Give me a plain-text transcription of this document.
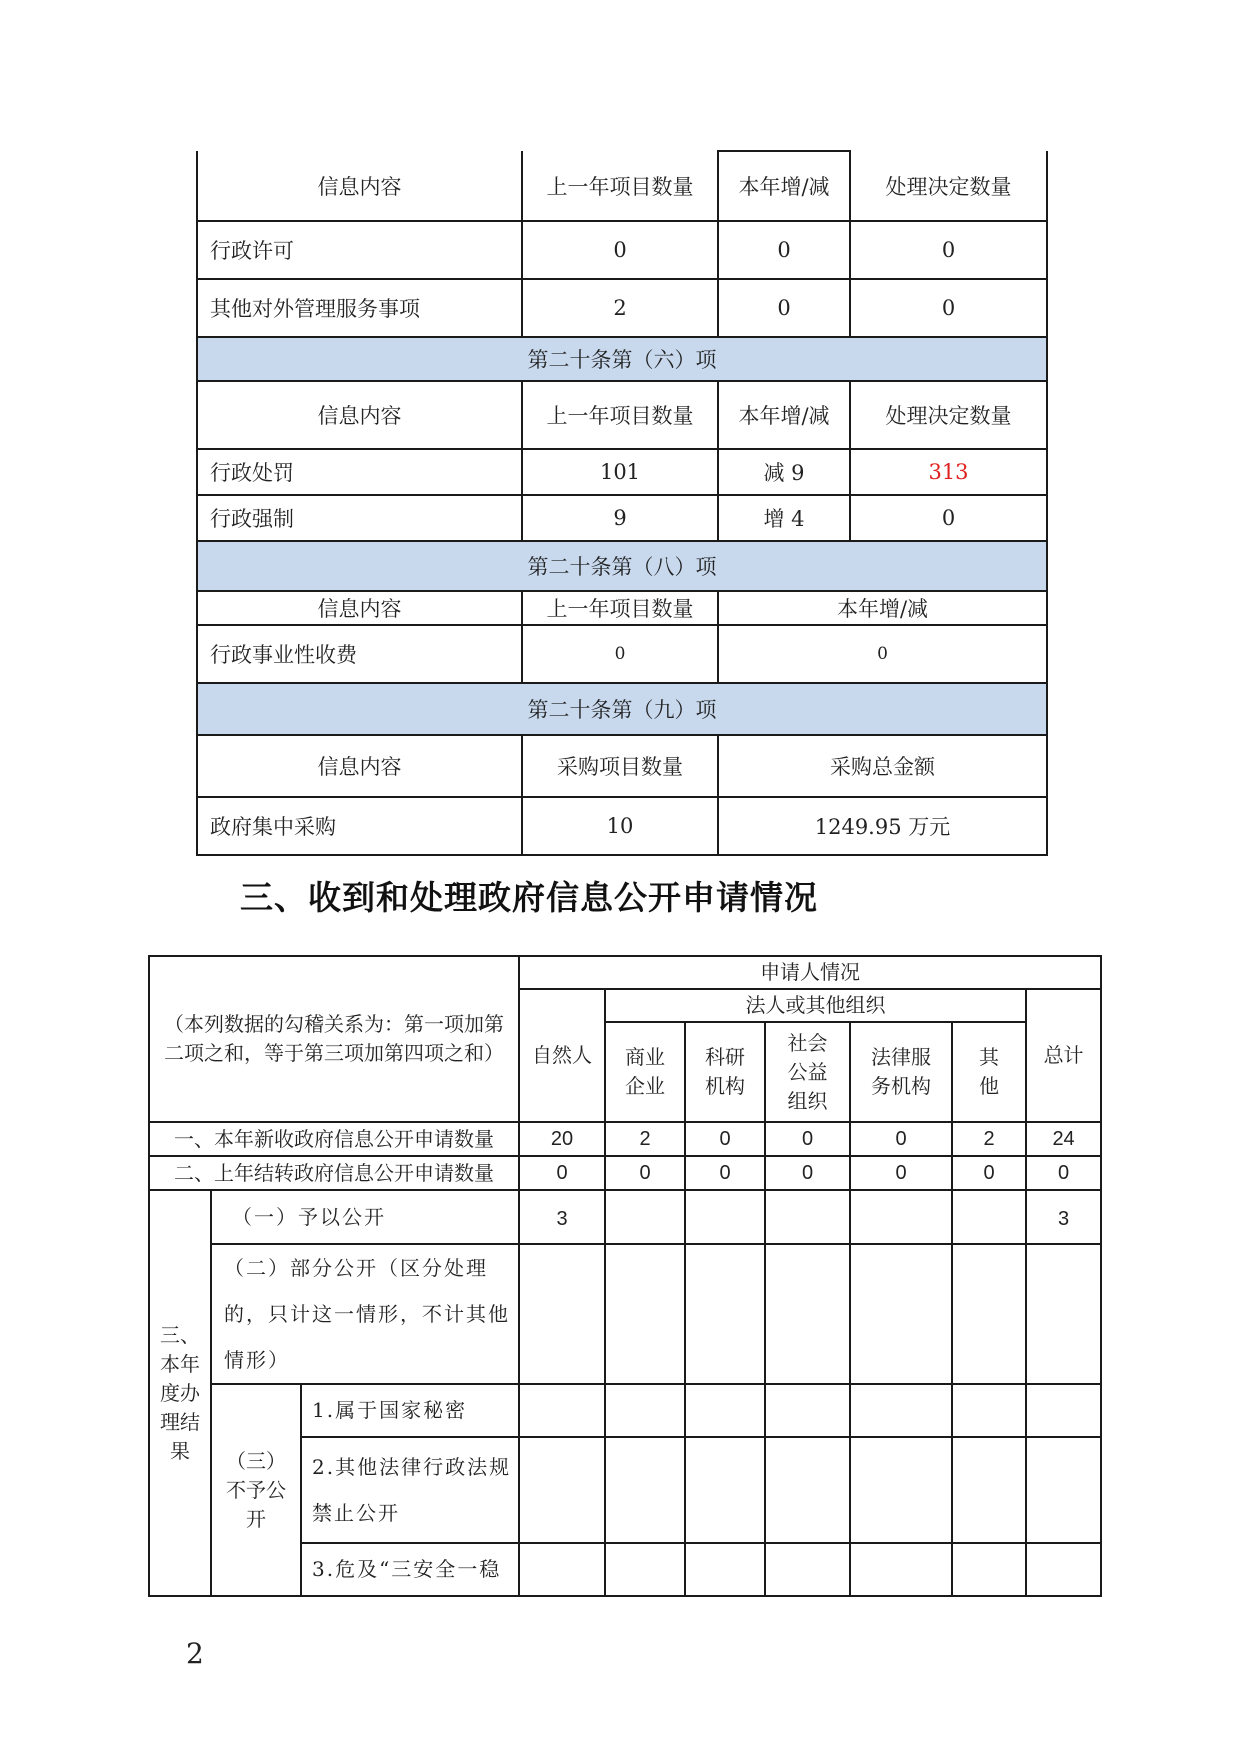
信息内容	上一年项目数量	本年增/减	处理决定数量
行政许可	0	0	0
其他对外管理服务事项	2	0	0
第二十条第（六）项			
信息内容	上一年项目数量	本年增/减	处理决定数量
行政处罚	101	减 9	313
行政强制	9	增 4	0
第二十条第（八）项			
信息内容	上一年项目数量	本年增/减	
行政事业性收费	0	0	
第二十条第（九）项			
信息内容	采购项目数量	采购总金额	
政府集中采购	10	1249.95 万元	
三、收到和处理政府信息公开申请情况
（本列数据的勾稽关系为：第一项加第二项之和，等于第三项加第四项之和）			申请人情况						
			自然人	法人或其他组织					总计
				商业企业	科研机构	社会公益组织	法律服务机构	其他	
一、本年新收政府信息公开申请数量			20	2	0	0	0	2	24
二、上年结转政府信息公开申请数量			0	0	0	0	0	0	0
三、本年度办理结果	（一）予以公开		3						3
	（二）部分公开（区分处理的，只计这一情形，不计其他情形）								
	（三）不予公开	1.属于国家秘密							
		2.其他法律行政法规禁止公开							
		3.危及“三安全一稳							

2
